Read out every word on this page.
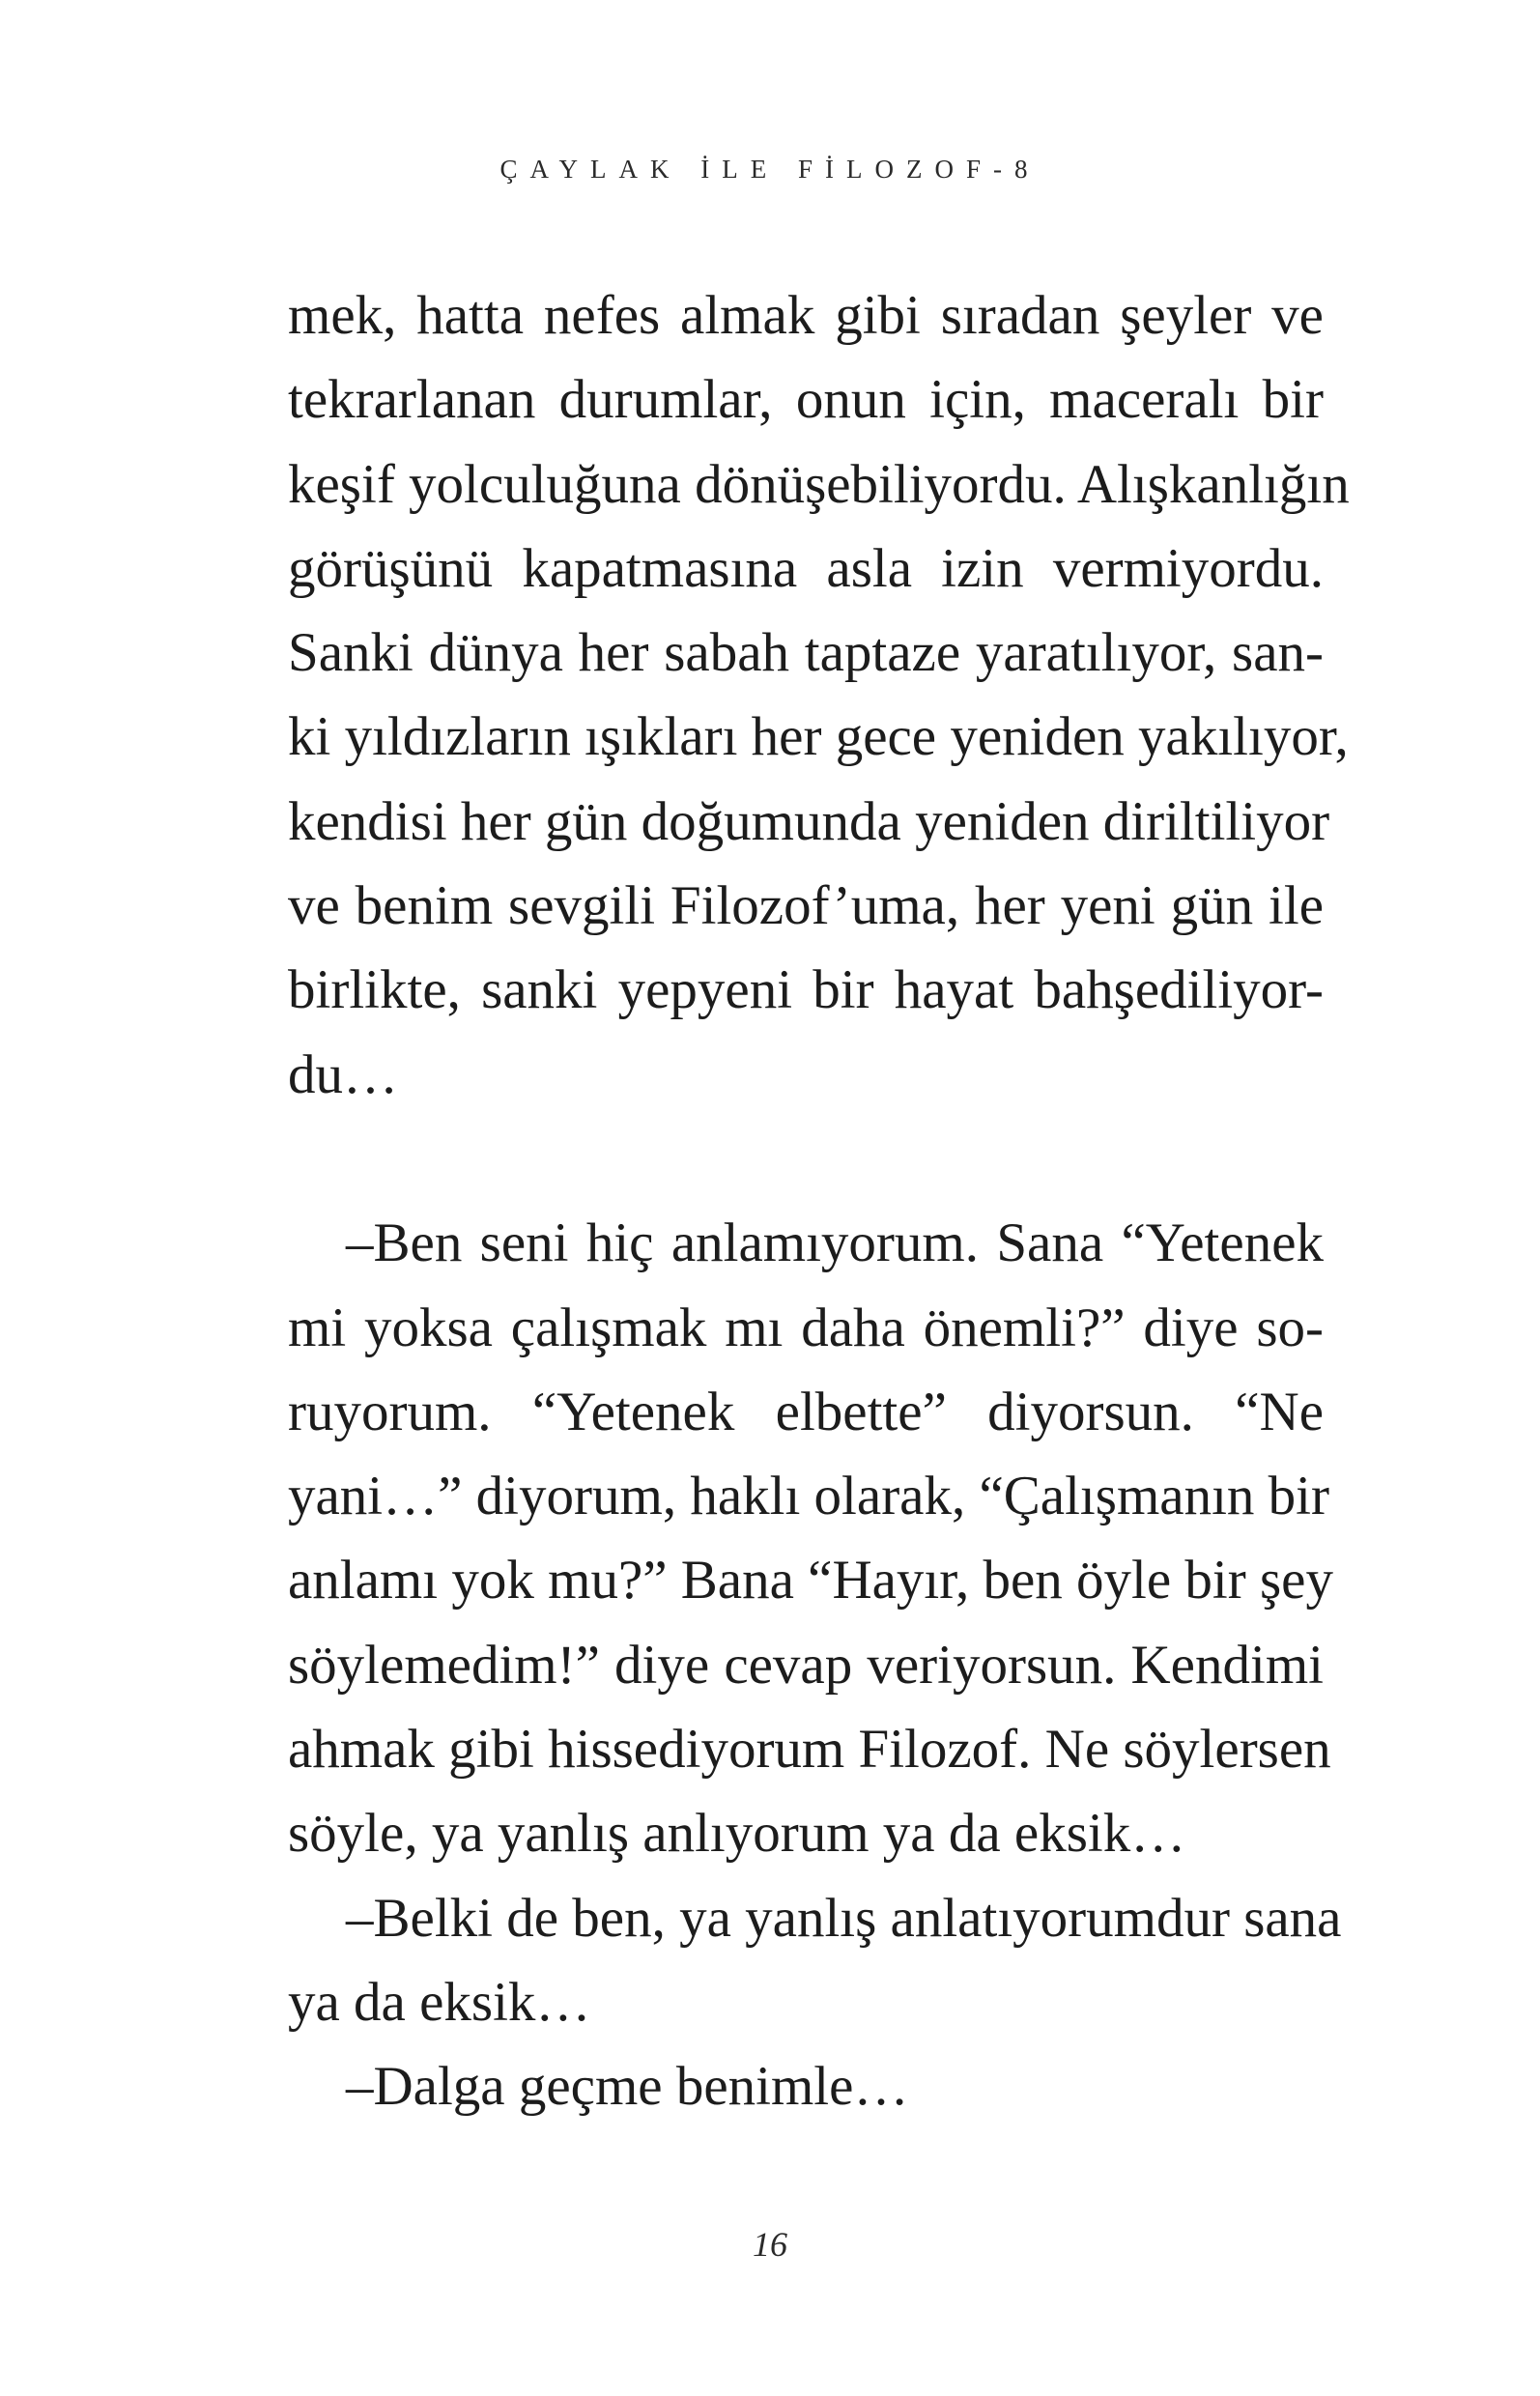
ÇAYLAK İLE FİLOZOF-8
mek, hatta nefes almak gibi sıradan şeyler ve
tekrarlanan durumlar, onun için, maceralı bir
keşif yolculuğuna dönüşebiliyordu. Alışkanlığın
görüşünü kapatmasına asla izin vermiyordu.
Sanki dünya her sabah taptaze yaratılıyor, san-
ki yıldızların ışıkları her gece yeniden yakılıyor,
kendisi her gün doğumunda yeniden diriltiliyor
ve benim sevgili Filozof’uma, her yeni gün ile
birlikte, sanki yepyeni bir hayat bahşediliyor-
du…
–Ben seni hiç anlamıyorum. Sana “Yetenek
mi yoksa çalışmak mı daha önemli?” diye so-
ruyorum. “Yetenek elbette” diyorsun. “Ne
yani…” diyorum, haklı olarak, “Çalışmanın bir
anlamı yok mu?” Bana “Hayır, ben öyle bir şey
söylemedim!” diye cevap veriyorsun. Kendimi
ahmak gibi hissediyorum Filozof. Ne söylersen
söyle, ya yanlış anlıyorum ya da eksik…
–Belki de ben, ya yanlış anlatıyorumdur sana
ya da eksik…
–Dalga geçme benimle…
16
